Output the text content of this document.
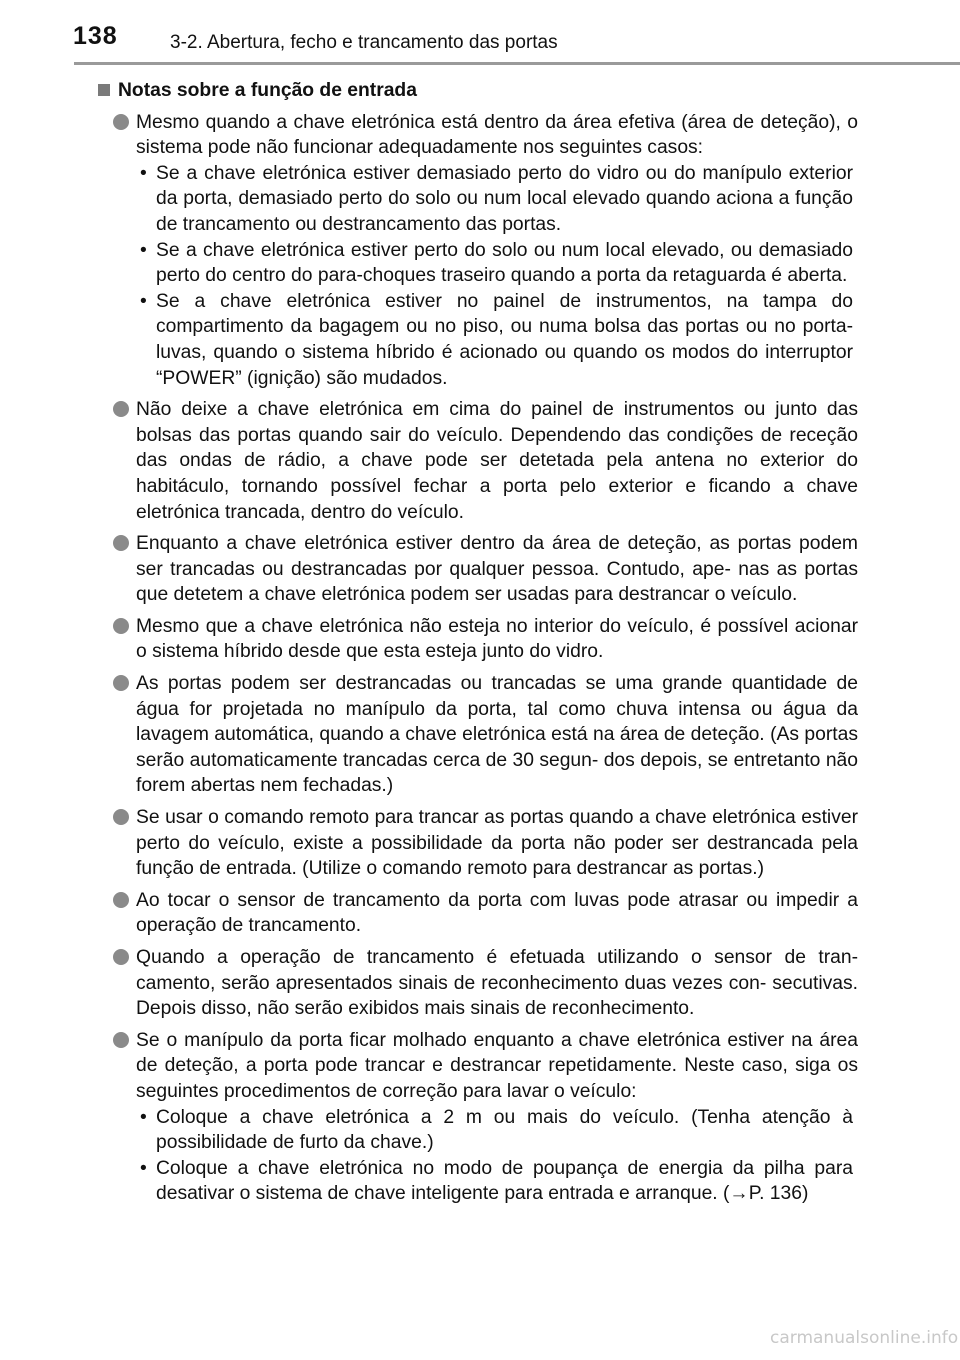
138	3-2. Abertura, fecho e trancamento das portas
Notas sobre a função de entrada
Mesmo quando a chave eletrónica está dentro da área efetiva (área de deteção), o sistema pode não funcionar adequadamente nos seguintes casos:
• Se a chave eletrónica estiver demasiado perto do vidro ou do manípulo exterior da porta, demasiado perto do solo ou num local elevado quando aciona a função de trancamento ou destrancamento das portas.
• Se a chave eletrónica estiver perto do solo ou num local elevado, ou demasiado perto do centro do para-choques traseiro quando a porta da retaguarda é aberta.
• Se a chave eletrónica estiver no painel de instrumentos, na tampa do compartimento da bagagem ou no piso, ou numa bolsa das portas ou no porta-luvas, quando o sistema híbrido é acionado ou quando os modos do interruptor “POWER” (ignição) são mudados.
Não deixe a chave eletrónica em cima do painel de instrumentos ou junto das bolsas das portas quando sair do veículo. Dependendo das condições de receção das ondas de rádio, a chave pode ser detetada pela antena no exterior do habitáculo, tornando possível fechar a porta pelo exterior e ficando a chave eletrónica trancada, dentro do veículo.
Enquanto a chave eletrónica estiver dentro da área de deteção, as portas podem ser trancadas ou destrancadas por qualquer pessoa. Contudo, ape- nas as portas que detetem a chave eletrónica podem ser usadas para destrancar o veículo.
Mesmo que a chave eletrónica não esteja no interior do veículo, é possível acionar o sistema híbrido desde que esta esteja junto do vidro.
As portas podem ser destrancadas ou trancadas se uma grande quantidade de água for projetada no manípulo da porta, tal como chuva intensa ou água da lavagem automática, quando a chave eletrónica está na área de deteção. (As portas serão automaticamente trancadas cerca de 30 segun- dos depois, se entretanto não forem abertas nem fechadas.)
Se usar o comando remoto para trancar as portas quando a chave eletrónica estiver perto do veículo, existe a possibilidade da porta não poder ser destrancada pela função de entrada. (Utilize o comando remoto para destrancar as portas.)
Ao tocar o sensor de trancamento da porta com luvas pode atrasar ou impedir a operação de trancamento.
Quando a operação de trancamento é efetuada utilizando o sensor de tran- camento, serão apresentados sinais de reconhecimento duas vezes con- secutivas. Depois disso, não serão exibidos mais sinais de reconhecimento.
Se o manípulo da porta ficar molhado enquanto a chave eletrónica estiver na área de deteção, a porta pode trancar e destrancar repetidamente. Neste caso, siga os seguintes procedimentos de correção para lavar o veículo:
• Coloque a chave eletrónica a 2 m ou mais do veículo. (Tenha atenção à possibilidade de furto da chave.)
• Coloque a chave eletrónica no modo de poupança de energia da pilha para desativar o sistema de chave inteligente para entrada e arranque. (→P. 136)
carmanualsonline.info
